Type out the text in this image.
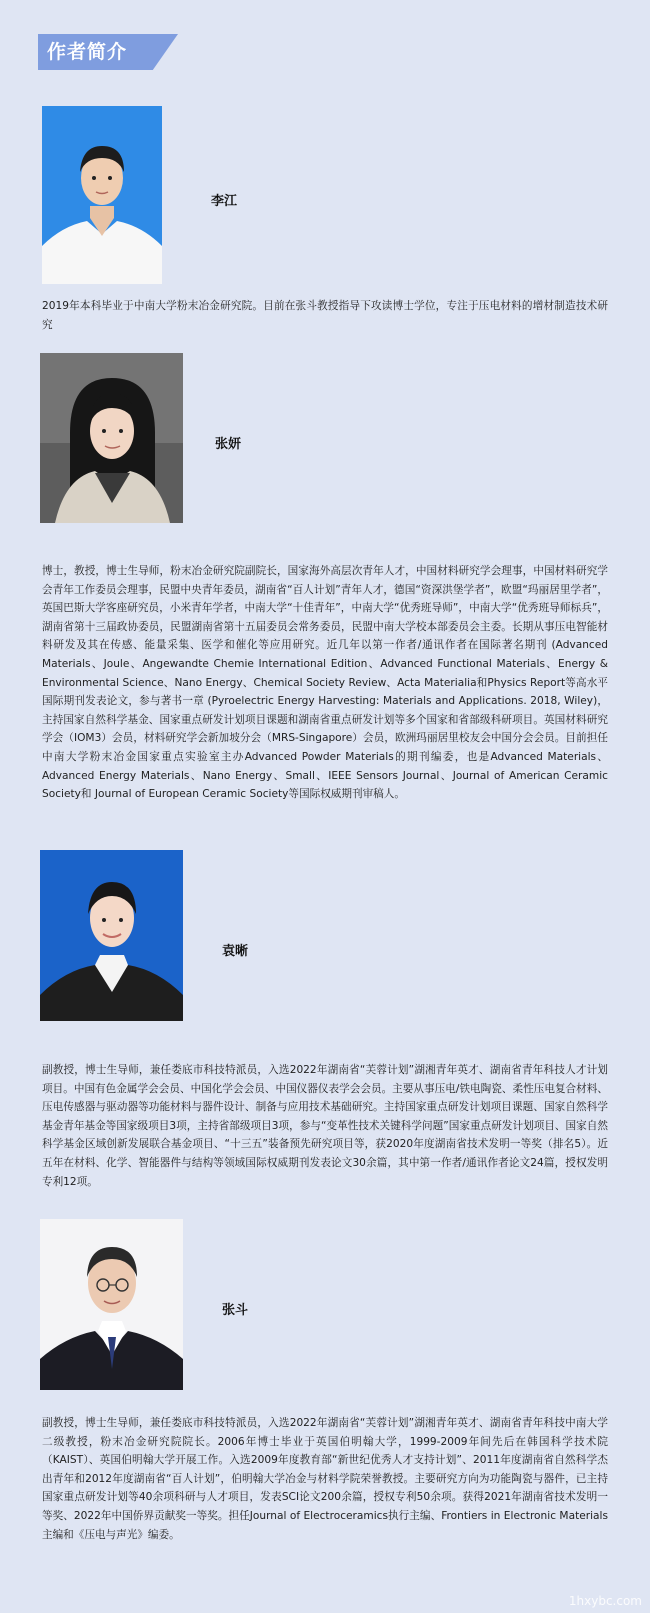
作者简介
李江

2019年本科毕业于中南大学粉末冶金研究院。目前在张斗教授指导下攻读博士学位，专注于压电材料的增材制造技术研究

张妍

博士，教授，博士生导师，粉末冶金研究院副院长，国家海外高层次青年人才，中国材料研究学会理事，中国材料研究学会青年工作委员会理事，民盟中央青年委员，湖南省“百人计划”青年人才，德国“资深洪堡学者”，欧盟“玛丽居里学者”，英国巴斯大学客座研究员，小米青年学者，中南大学“十佳青年”，中南大学“优秀班导师”，中南大学“优秀班导师标兵”，湖南省第十三届政协委员，民盟湖南省第十五届委员会常务委员，民盟中南大学校本部委员会主委。长期从事压电智能材料研发及其在传感、能量采集、医学和催化等应用研究。近几年以第一作者/通讯作者在国际著名期刊 (Advanced Materials、Joule、Angewandte Chemie International Edition、Advanced Functional Materials、Energy & Environmental Science、Nano Energy、Chemical Society Review、Acta Materialia和Physics Report等高水平国际期刊发表论文，参与著书一章 (Pyroelectric Energy Harvesting: Materials and Applications. 2018, Wiley)，主持国家自然科学基金、国家重点研发计划项目课题和湖南省重点研发计划等多个国家和省部级科研项目。英国材料研究学会（IOM3）会员，材料研究学会新加坡分会（MRS-Singapore）会员，欧洲玛丽居里校友会中国分会会员。目前担任中南大学粉末冶金国家重点实验室主办Advanced Powder Materials的期刊编委，也是Advanced Materials、Advanced Energy Materials、Nano Energy、Small、IEEE Sensors Journal、Journal of American Ceramic Society和 Journal of European Ceramic Society等国际权威期刊审稿人。

袁晰

副教授，博士生导师，兼任娄底市科技特派员，入选2022年湖南省“芙蓉计划”湖湘青年英才、湖南省青年科技人才计划项目。中国有色金属学会会员、中国化学会会员、中国仪器仪表学会会员。主要从事压电/铁电陶瓷、柔性压电复合材料、压电传感器与驱动器等功能材料与器件设计、制备与应用技术基础研究。主持国家重点研发计划项目课题、国家自然科学基金青年基金等国家级项目3项，主持省部级项目3项，参与“变革性技术关键科学问题”国家重点研发计划项目、国家自然科学基金区域创新发展联合基金项目、“十三五”装备预先研究项目等，获2020年度湖南省技术发明一等奖（排名5）。近五年在材料、化学、智能器件与结构等领域国际权威期刊发表论文30余篇，其中第一作者/通讯作者论文24篇，授权发明专利12项。

张斗

副教授，博士生导师，兼任娄底市科技特派员，入选2022年湖南省“芙蓉计划”湖湘青年英才、湖南省青年科技中南大学二级教授，粉末冶金研究院院长。2006年博士毕业于英国伯明翰大学，1999-2009年间先后在韩国科学技术院（KAIST）、英国伯明翰大学开展工作。入选2009年度教育部“新世纪优秀人才支持计划”、2011年度湖南省自然科学杰出青年和2012年度湖南省“百人计划”，伯明翰大学冶金与材料学院荣誉教授。主要研究方向为功能陶瓷与器件，已主持国家重点研发计划等40余项科研与人才项目，发表SCI论文200余篇，授权专利50余项。获得2021年湖南省技术发明一等奖、2022年中国侨界贡献奖一等奖。担任Journal of Electroceramics执行主编、Frontiers in Electronic Materials 主编和《压电与声光》编委。

1hxybc.com
